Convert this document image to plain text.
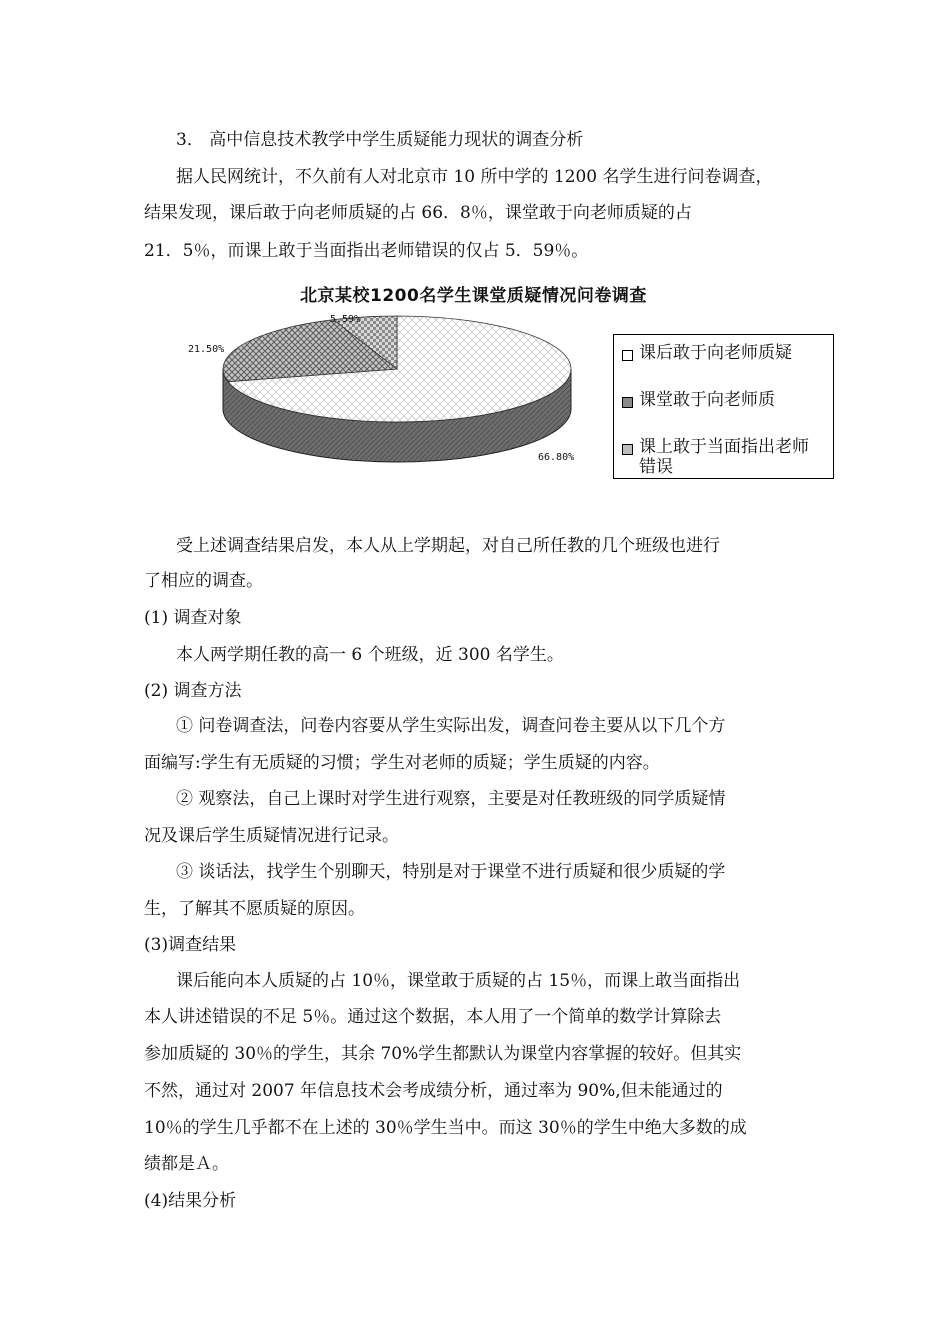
3． 高中信息技术教学中学生质疑能力现状的调查分析

据人民网统计，不久前有人对北京市 10 所中学的 1200 名学生进行问卷调查，

结果发现，课后敢于向老师质疑的占 66．8％，课堂敢于向老师质疑的占

21．5％，而课上敢于当面指出老师错误的仅占 5．59％。

北京某校1200名学生课堂质疑情况问卷调查
66.80%
21.50%
5.59%
课后敢于向老师质疑
课堂敢于向老师质
课上敢于当面指出老师
错误

受上述调查结果启发，本人从上学期起，对自己所任教的几个班级也进行

了相应的调查。

(1) 调查对象

本人两学期任教的高一 6 个班级，近 300 名学生。

(2) 调查方法

① 问卷调查法，问卷内容要从学生实际出发，调查问卷主要从以下几个方

面编写:学生有无质疑的习惯；学生对老师的质疑；学生质疑的内容。

② 观察法，自己上课时对学生进行观察，主要是对任教班级的同学质疑情

况及课后学生质疑情况进行记录。

③ 谈话法，找学生个别聊天，特别是对于课堂不进行质疑和很少质疑的学

生，了解其不愿质疑的原因。

(3)调查结果

课后能向本人质疑的占 10％，课堂敢于质疑的占 15％，而课上敢当面指出

本人讲述错误的不足 5％。通过这个数据，本人用了一个简单的数学计算除去

参加质疑的 30％的学生，其余 70%学生都默认为课堂内容掌握的较好。但其实

不然，通过对 2007 年信息技术会考成绩分析，通过率为 90%,但未能通过的

10％的学生几乎都不在上述的 30％学生当中。而这 30％的学生中绝大多数的成

绩都是Ａ。

(4)结果分析
